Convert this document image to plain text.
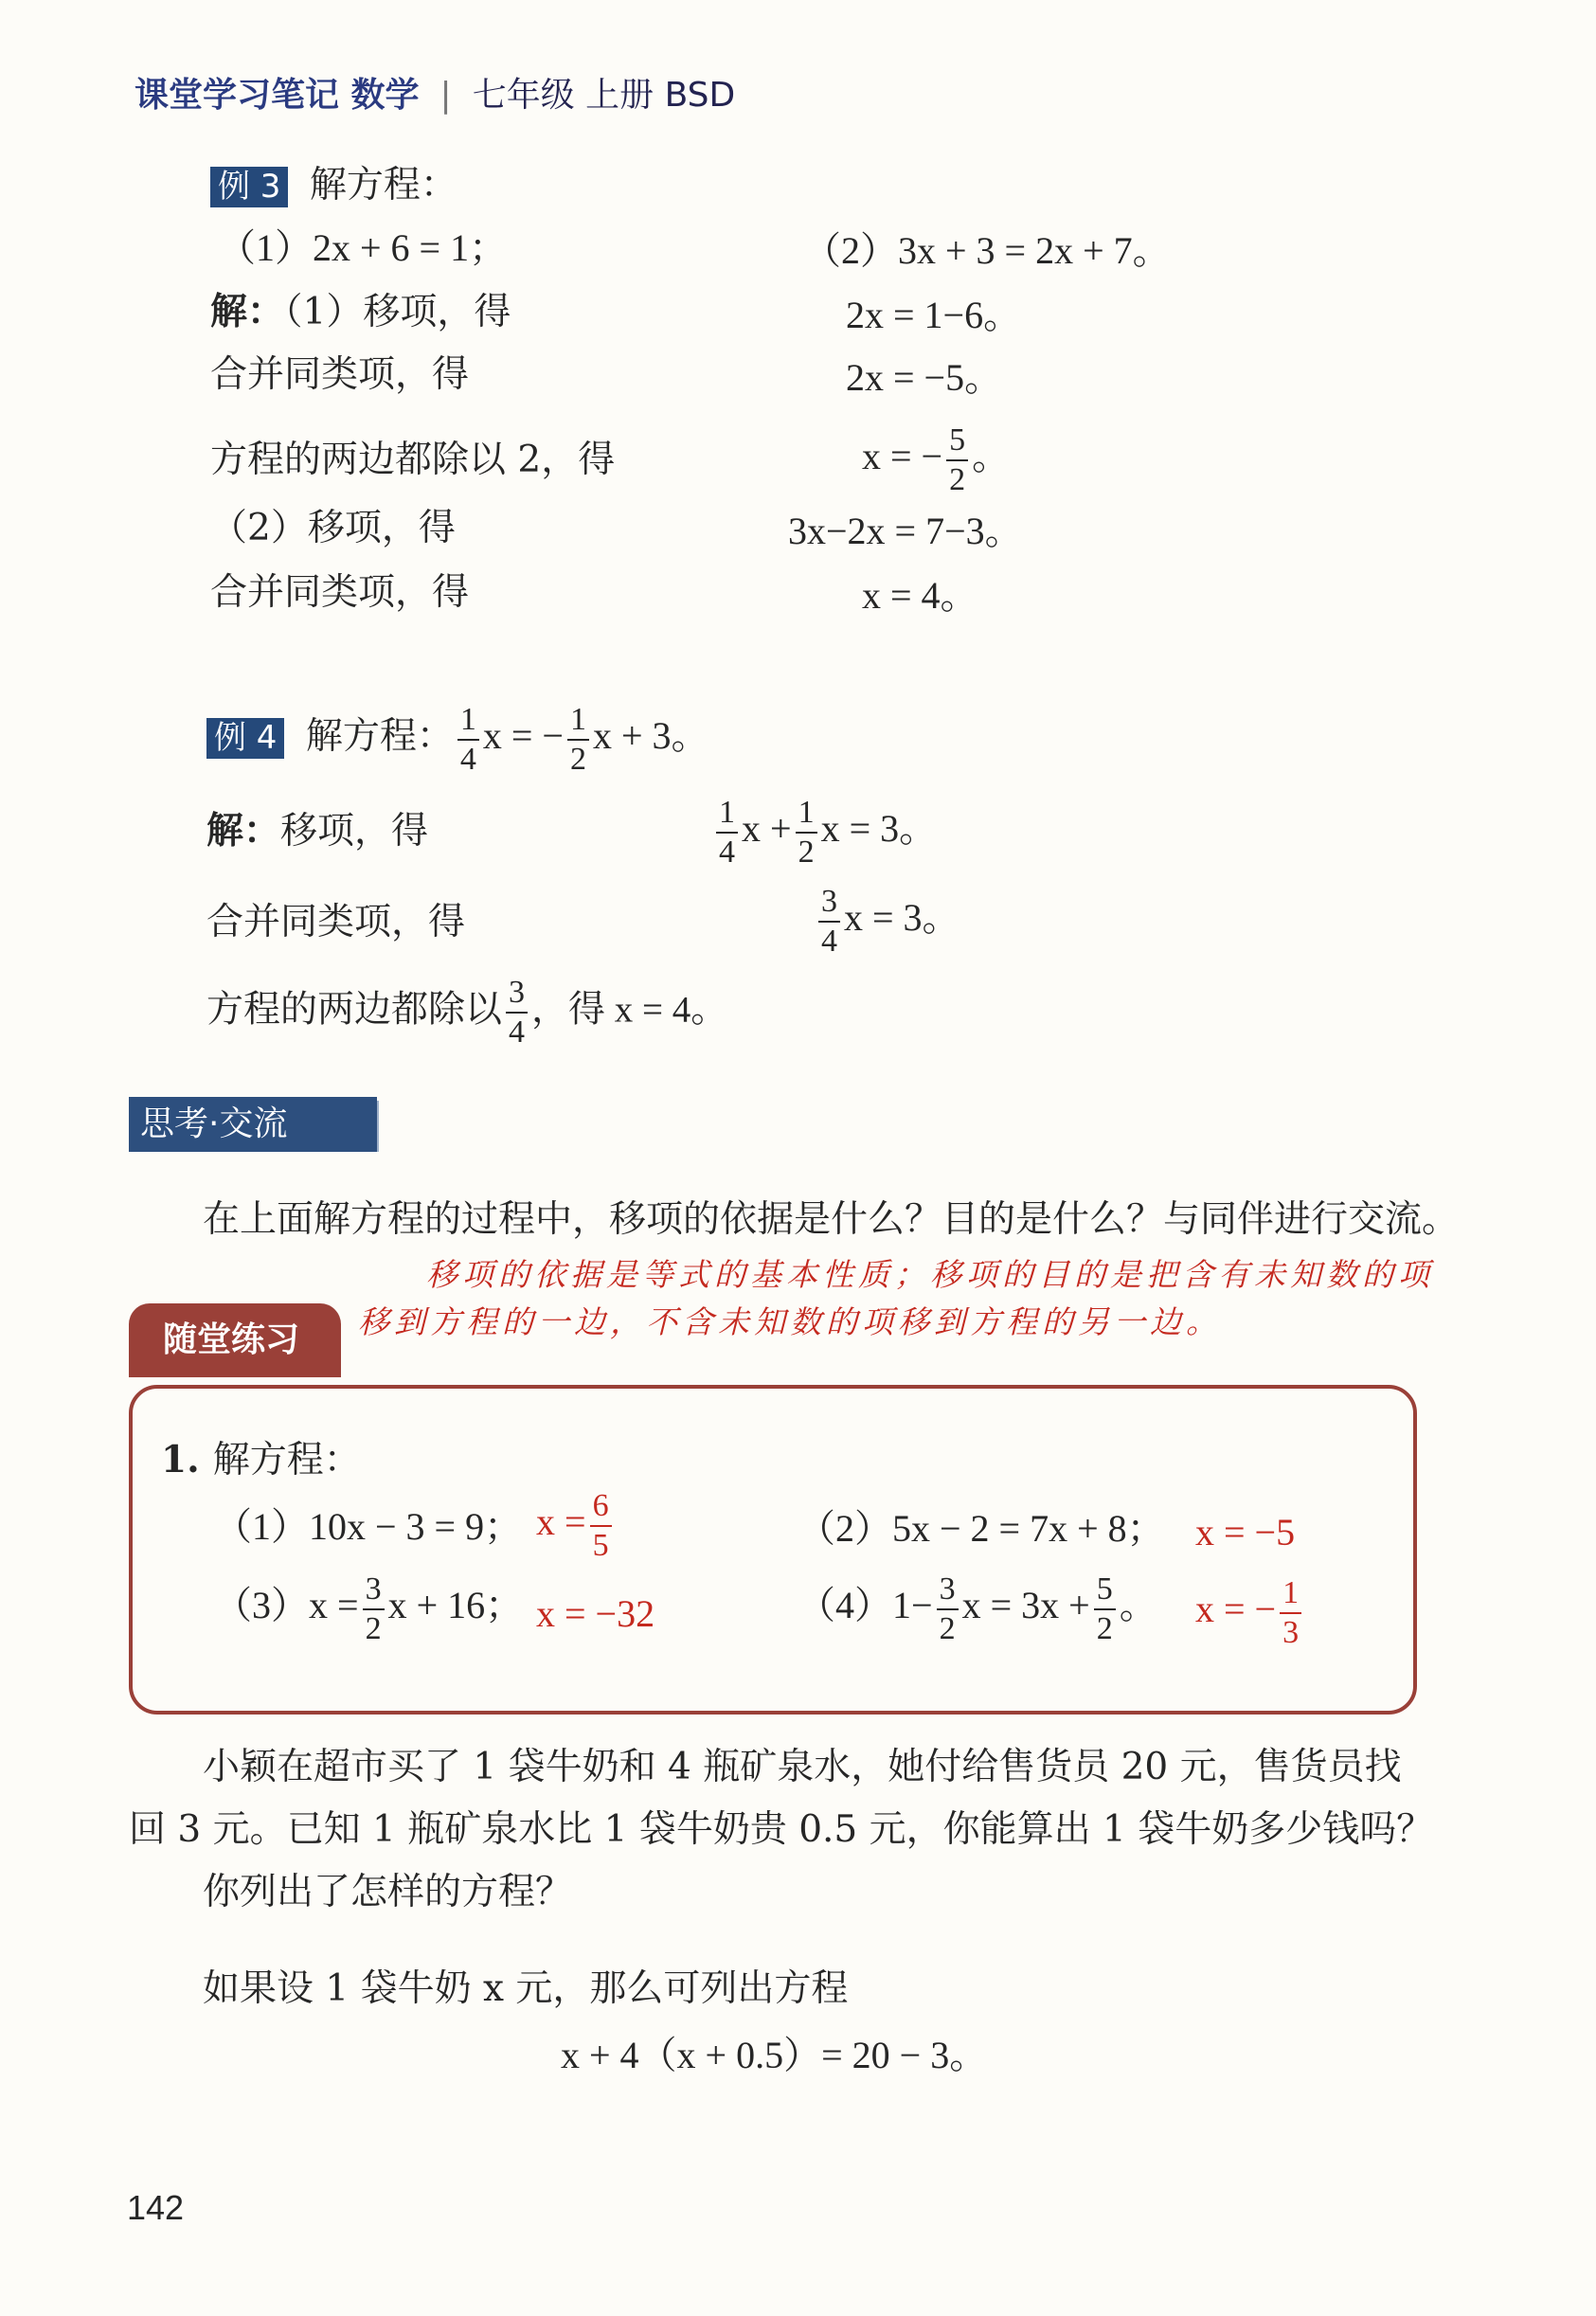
课堂学习笔记 数学 | 七年级 上册 BSD
例 3 解方程：
（1）2x + 6 = 1；	（2）3x + 3 = 2x + 7。
解：（1）移项，得	2x = 1−6。
合并同类项，得	2x = −5。
方程的两边都除以 2，得	x = − $\frac{5}{2}$ 。
（2）移项，得	3x−2x = 7−3。
合并同类项，得	x = 4。
例 4 解方程： $\frac{1}{4}$ x = − $\frac{1}{2}$ x + 3。
解：移项，得	$\frac{1}{4}$ $x + \frac{1}{2}$ x = 3。
合并同类项，得	$\frac{3}{4}$ x = 3。
方程的两边都除以 $\frac{3}{4}$ ，得 x = 4。
思考·交流
在上面解方程的过程中，移项的依据是什么？目的是什么？与同伴进行交流。
移项的依据是等式的基本性质；移项的目的是把含有未知数的项
移到方程的一边，不含未知数的项移到方程的另一边。
随堂练习
1. 解方程：
（1）10x − 3 = 9； $x = \frac{6}{5}$	（2）5x − 2 = 7x + 8； x = −5
$(3)x = \frac{3}{2}$ x + 16； x = −32	$(4)1- \frac{3}{2}$ $x = 3x + \frac{5}{2}$ 。 x = − $\frac{1}{3}$
小颖在超市买了 1 袋牛奶和 4 瓶矿泉水，她付给售货员 20 元，售货员找
回 3 元。已知 1 瓶矿泉水比 1 袋牛奶贵 0.5 元，你能算出 1 袋牛奶多少钱吗？
你列出了怎样的方程？
如果设 1 袋牛奶 x 元，那么可列出方程
x + 4（x + 0.5）= 20 − 3。
142
